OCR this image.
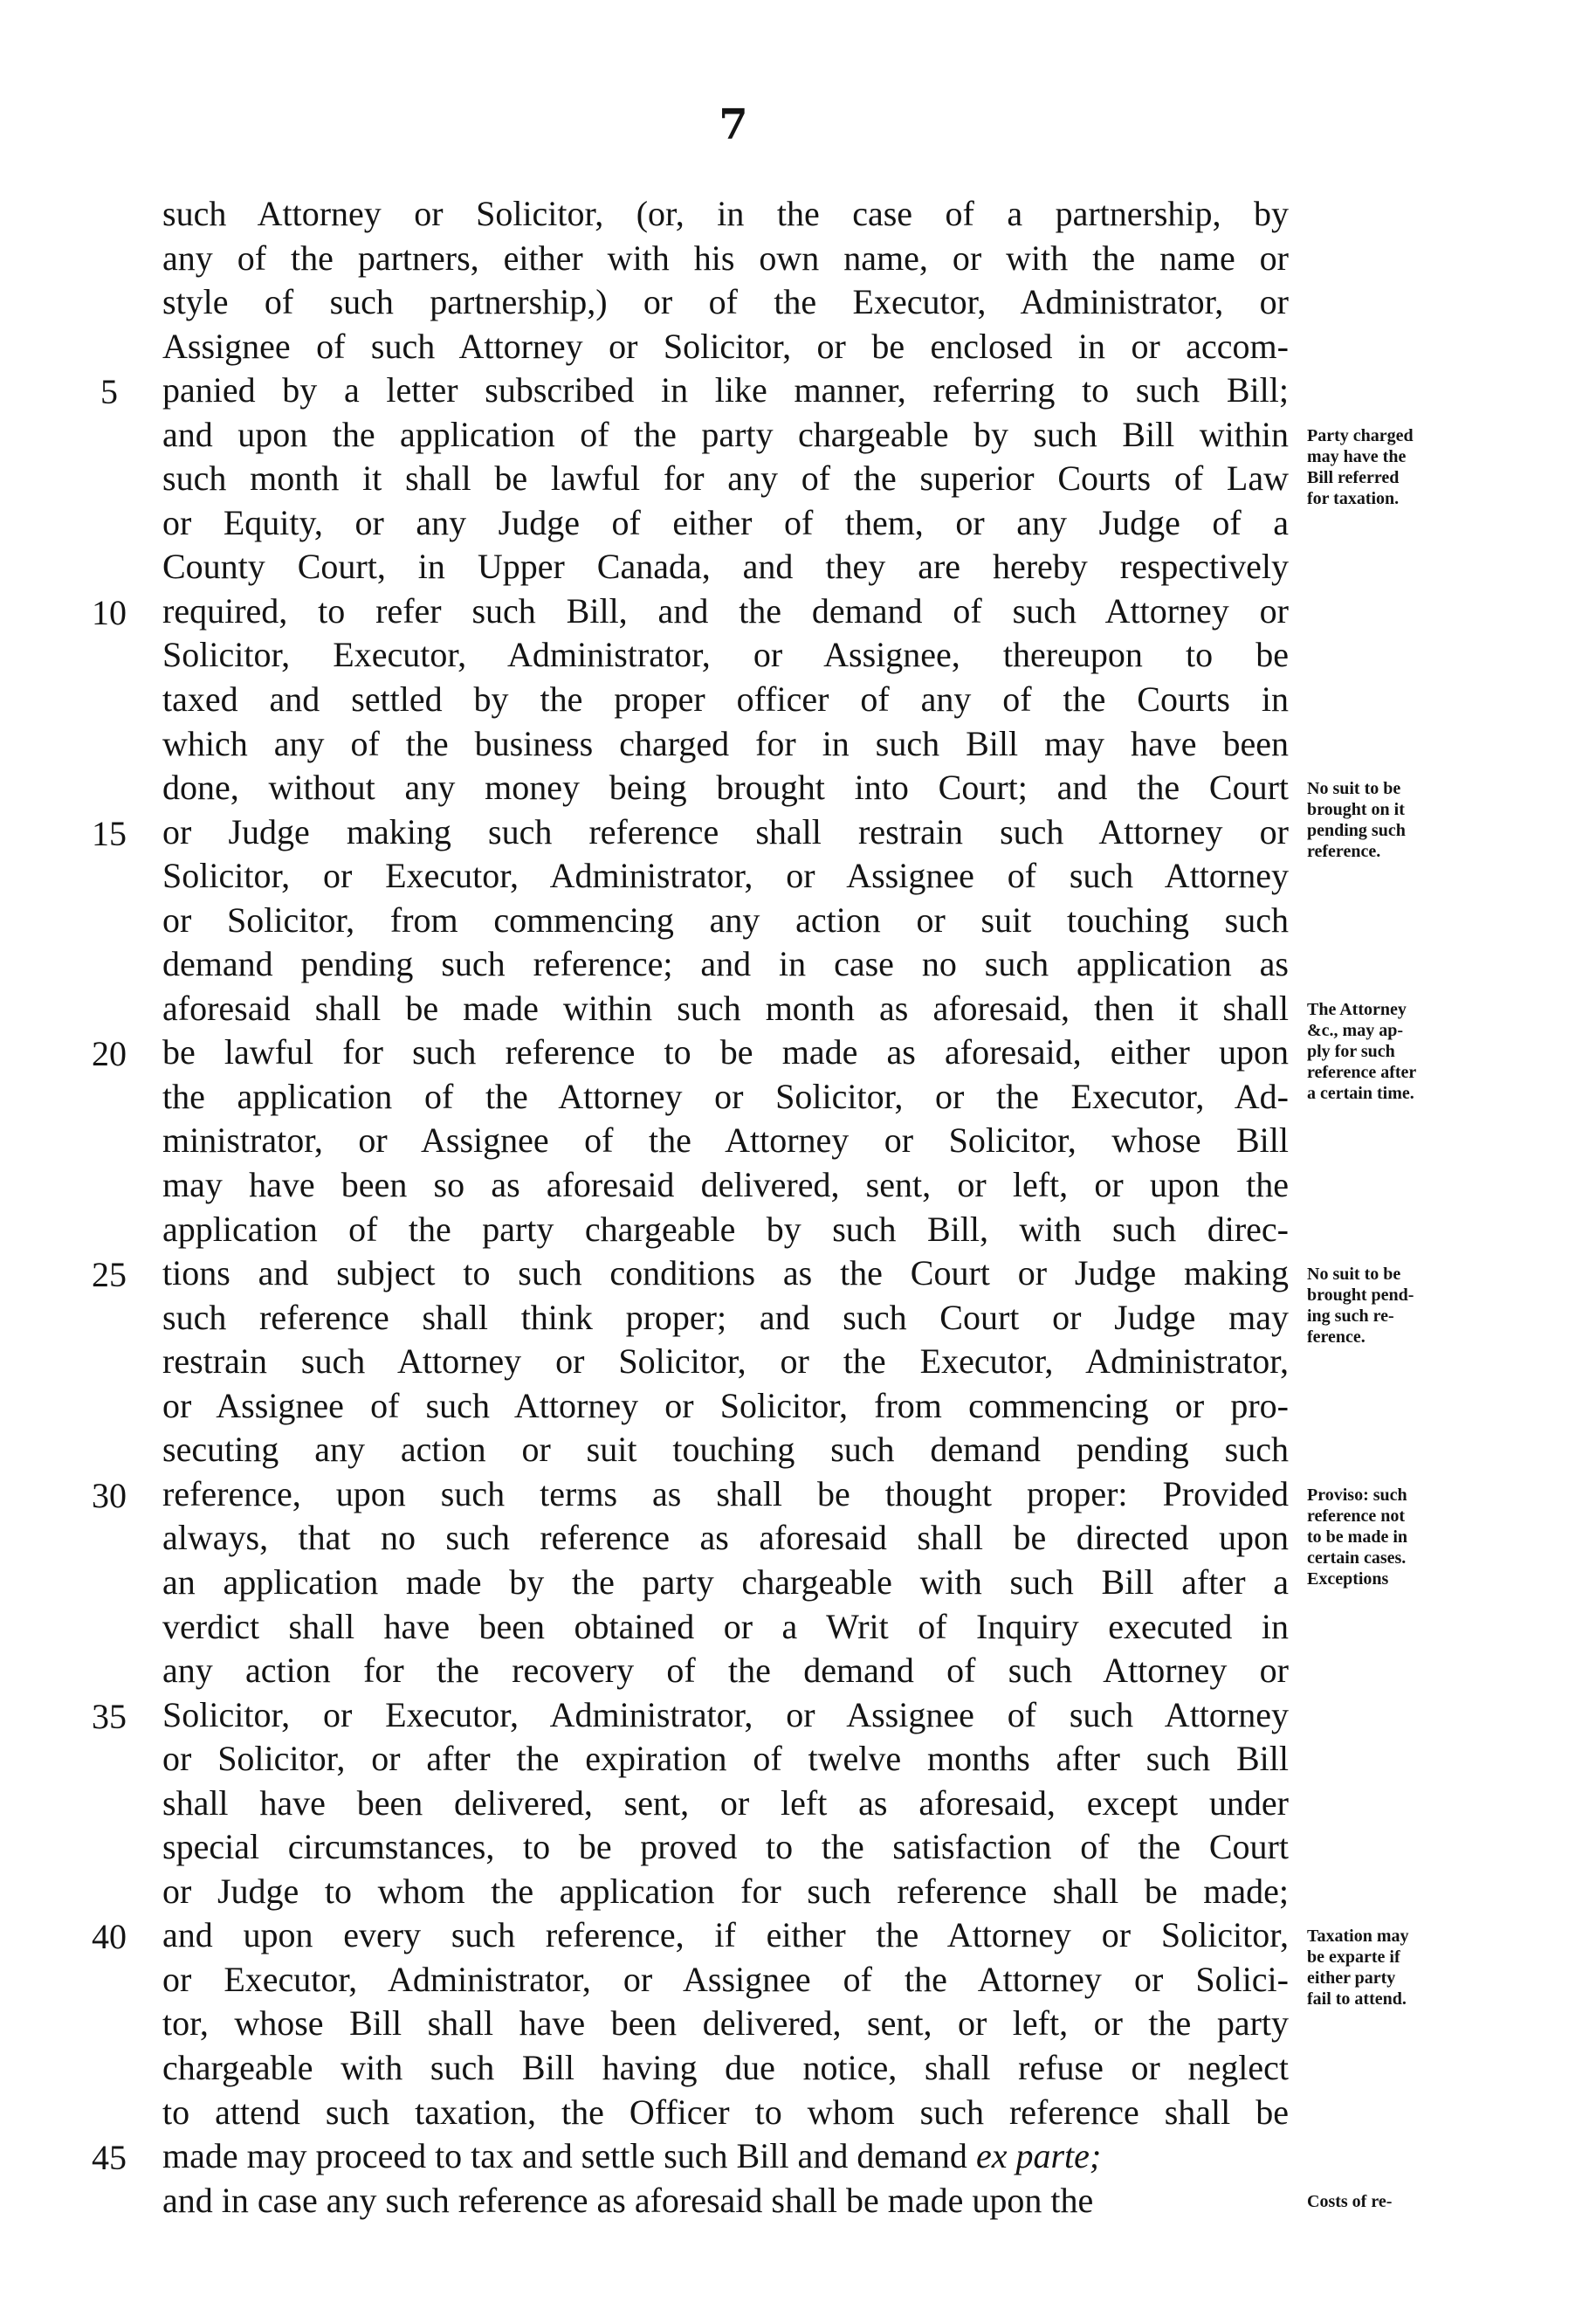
7
such Attorney or Solicitor, (or, in the case of a partnership, by
any of the partners, either with his own name, or with the name or
style of such partnership,) or of the Executor, Administrator, or
Assignee of such Attorney or Solicitor, or be enclosed in or accom-
5	panied by a letter subscribed in like manner, referring to such Bill;
and upon the application of the party chargeable by such Bill within
such month it shall be lawful for any of the superior Courts of Law
or Equity, or any Judge of either of them, or any Judge of a
County Court, in Upper Canada, and they are hereby respectively
10	required, to refer such Bill, and the demand of such Attorney or
Solicitor, Executor, Administrator, or Assignee, thereupon to be
taxed and settled by the proper officer of any of the Courts in
which any of the business charged for in such Bill may have been
done, without any money being brought into Court; and the Court
15	or Judge making such reference shall restrain such Attorney or
Solicitor, or Executor, Administrator, or Assignee of such Attorney
or Solicitor, from commencing any action or suit touching such
demand pending such reference; and in case no such application as
aforesaid shall be made within such month as aforesaid, then it shall
20	be lawful for such reference to be made as aforesaid, either upon
the application of the Attorney or Solicitor, or the Executor, Ad-
ministrator, or Assignee of the Attorney or Solicitor, whose Bill
may have been so as aforesaid delivered, sent, or left, or upon the
application of the party chargeable by such Bill, with such direc-
25	tions and subject to such conditions as the Court or Judge making
such reference shall think proper; and such Court or Judge may
restrain such Attorney or Solicitor, or the Executor, Administrator,
or Assignee of such Attorney or Solicitor, from commencing or pro-
secuting any action or suit touching such demand pending such
30	reference, upon such terms as shall be thought proper: Provided
always, that no such reference as aforesaid shall be directed upon
an application made by the party chargeable with such Bill after a
verdict shall have been obtained or a Writ of Inquiry executed in
any action for the recovery of the demand of such Attorney or
35	Solicitor, or Executor, Administrator, or Assignee of such Attorney
or Solicitor, or after the expiration of twelve months after such Bill
shall have been delivered, sent, or left as aforesaid, except under
special circumstances, to be proved to the satisfaction of the Court
or Judge to whom the application for such reference shall be made;
40	and upon every such reference, if either the Attorney or Solicitor,
or Executor, Administrator, or Assignee of the Attorney or Solici-
tor, whose Bill shall have been delivered, sent, or left, or the party
chargeable with such Bill having due notice, shall refuse or neglect
to attend such taxation, the Officer to whom such reference shall be
45	made may proceed to tax and settle such Bill and demand ex parte;
and in case any such reference as aforesaid shall be made upon the
Party charged
may have the
Bill referred
for taxation.
No suit to be
brought on it
pending such
reference.
The Attorney
&c., may ap-
ply for such
reference after
a certain time.
No suit to be
brought pend-
ing such re-
ference.
Proviso: such
reference not
to be made in
certain cases.
Exceptions
Taxation may
be exparte if
either party
fail to attend.
Costs of re-
